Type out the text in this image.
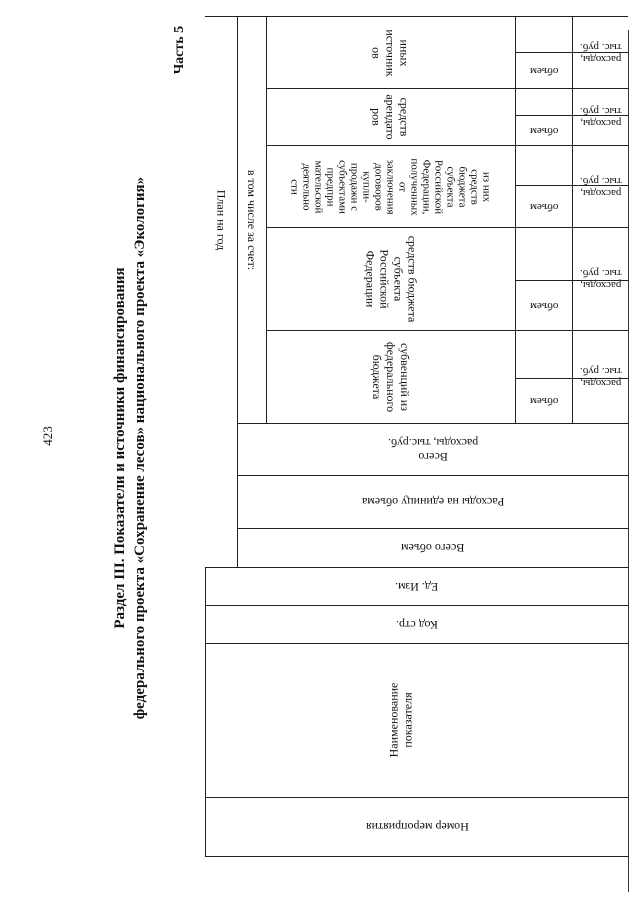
423	Раздел III. Показатели и источники финансирования федерального проекта «Сохранение лесов» национального проекта «Экология»
Часть 5
Номер мероприятия
Наименование
показателя
Код стр.
Ед. Изм.
Всего объем
Расходы на единицу объема
Всего
расходы, тыс.руб.
План на год в том числе за счет:
субвенций из
федерального
бюджета
средств бюджета
субъекта
Российской
Федерации
из них
средств
бюджета
субъекта
Российской
Федерации,
полученных
от
заключения
договоров
купли-
продажи с
субъектами
предпри
мательской
деятельно
сти
средств
арендато
ров
иных
источник
ов
объем
расходы,
тыс. руб.
объем
расходы,
тыс. руб.
объем
расходы,
тыс. руб.
объем
расходы,
тыс. руб.
объем
расходы,
тыс. руб.
